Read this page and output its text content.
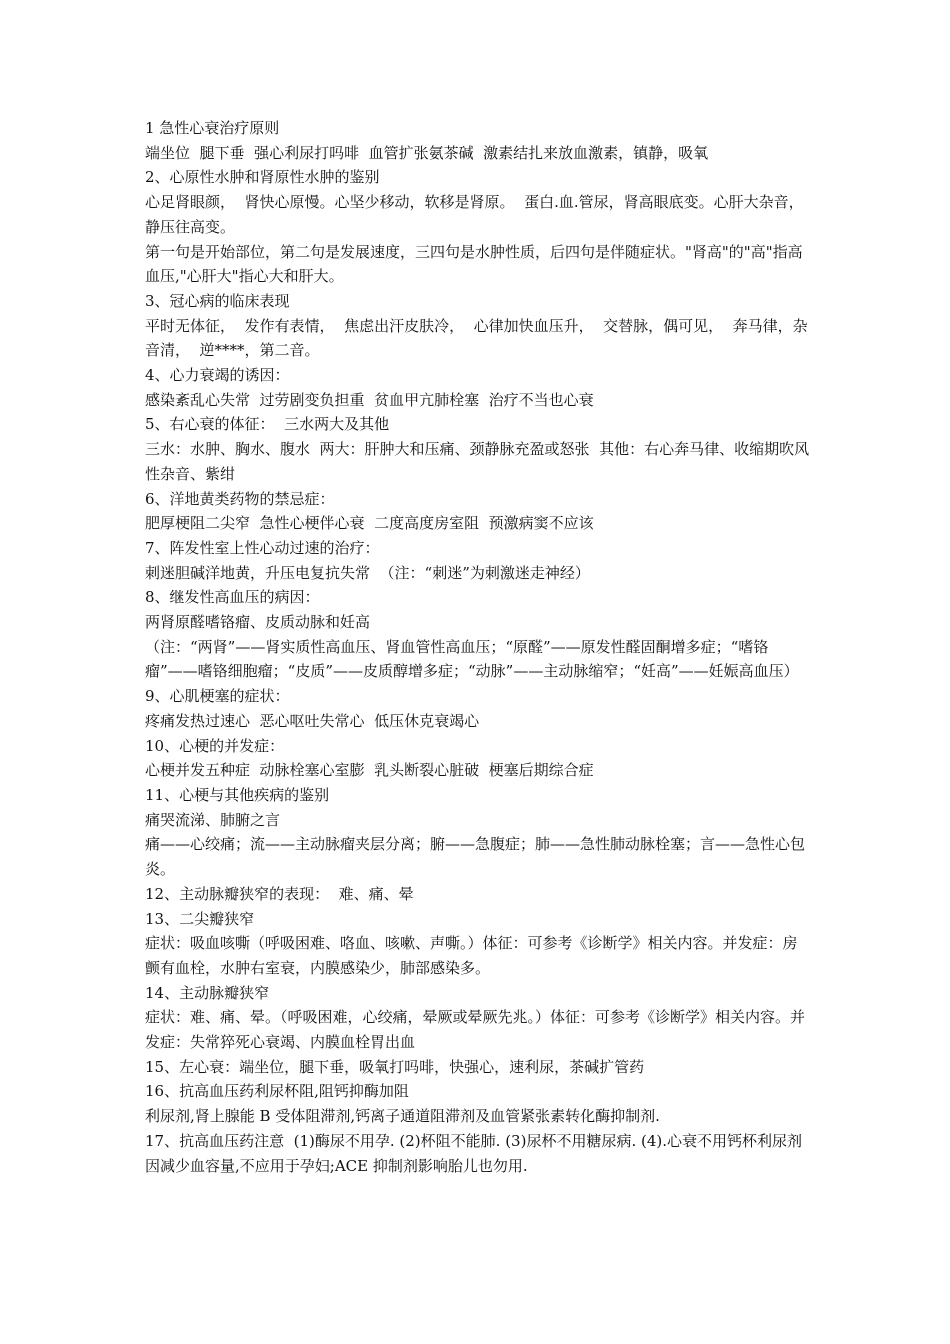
1 急性心衰治疗原则

端坐位  腿下垂  强心利尿打吗啡  血管扩张氨茶碱  激素结扎来放血激素，镇静，吸氧

2、心原性水肿和肾原性水肿的鉴别

心足肾眼颜，  肾快心原慢。心坚少移动，软移是肾原。  蛋白.血.管尿，肾高眼底变。心肝大杂音，静压往高变。

第一句是开始部位，第二句是发展速度，三四句是水肿性质，后四句是伴随症状。"肾高"的"高"指高血压,"心肝大"指心大和肝大。

3、冠心病的临床表现

平时无体征，  发作有表情，  焦虑出汗皮肤冷，  心律加快血压升，  交替脉，偶可见，  奔马律，杂音清，  逆****，第二音。

4、心力衰竭的诱因：

感染紊乱心失常  过劳剧变负担重  贫血甲亢肺栓塞  治疗不当也心衰

5、右心衰的体征：  三水两大及其他

三水：水肿、胸水、腹水  两大：肝肿大和压痛、颈静脉充盈或怒张  其他：右心奔马律、收缩期吹风性杂音、紫绀

6、洋地黄类药物的禁忌症：

肥厚梗阻二尖窄  急性心梗伴心衰  二度高度房室阻  预激病窦不应该

7、阵发性室上性心动过速的治疗：

刺迷胆碱洋地黄，升压电复抗失常  （注：“刺迷”为刺激迷走神经）

8、继发性高血压的病因：

两肾原醛嗜铬瘤、皮质动脉和妊高

（注：“两肾”——肾实质性高血压、肾血管性高血压；“原醛”——原发性醛固酮增多症；“嗜铬瘤”——嗜铬细胞瘤；“皮质”——皮质醇增多症；“动脉”——主动脉缩窄；“妊高”——妊娠高血压）

9、心肌梗塞的症状：

疼痛发热过速心  恶心呕吐失常心  低压休克衰竭心

10、心梗的并发症：

心梗并发五种症  动脉栓塞心室膨  乳头断裂心脏破  梗塞后期综合症

11、心梗与其他疾病的鉴别

痛哭流涕、肺腑之言

痛——心绞痛；流——主动脉瘤夹层分离；腑——急腹症；肺——急性肺动脉栓塞；言——急性心包炎。

12、主动脉瓣狭窄的表现：  难、痛、晕

13、二尖瓣狭窄

症状：吸血咳嘶（呼吸困难、咯血、咳嗽、声嘶。）体征：可参考《诊断学》相关内容。并发症：房颤有血栓，水肿右室衰，内膜感染少，肺部感染多。

14、主动脉瓣狭窄

症状：难、痛、晕。（呼吸困难，心绞痛，晕厥或晕厥先兆。）体征：可参考《诊断学》相关内容。并发症：失常猝死心衰竭、内膜血栓胃出血

15、左心衰：端坐位，腿下垂，吸氧打吗啡，快强心，速利尿，茶碱扩管药

16、抗高血压药利尿杯阻,阻钙抑酶加阻

利尿剂,肾上腺能 B 受体阻滞剂,钙离子通道阻滞剂及血管紧张素转化酶抑制剂.

17、抗高血压药注意  (1)酶尿不用孕. (2)杯阻不能肺. (3)尿杯不用糖尿病. (4).心衰不用钙杯利尿剂因减少血容量,不应用于孕妇;ACE 抑制剂影响胎儿也勿用.
